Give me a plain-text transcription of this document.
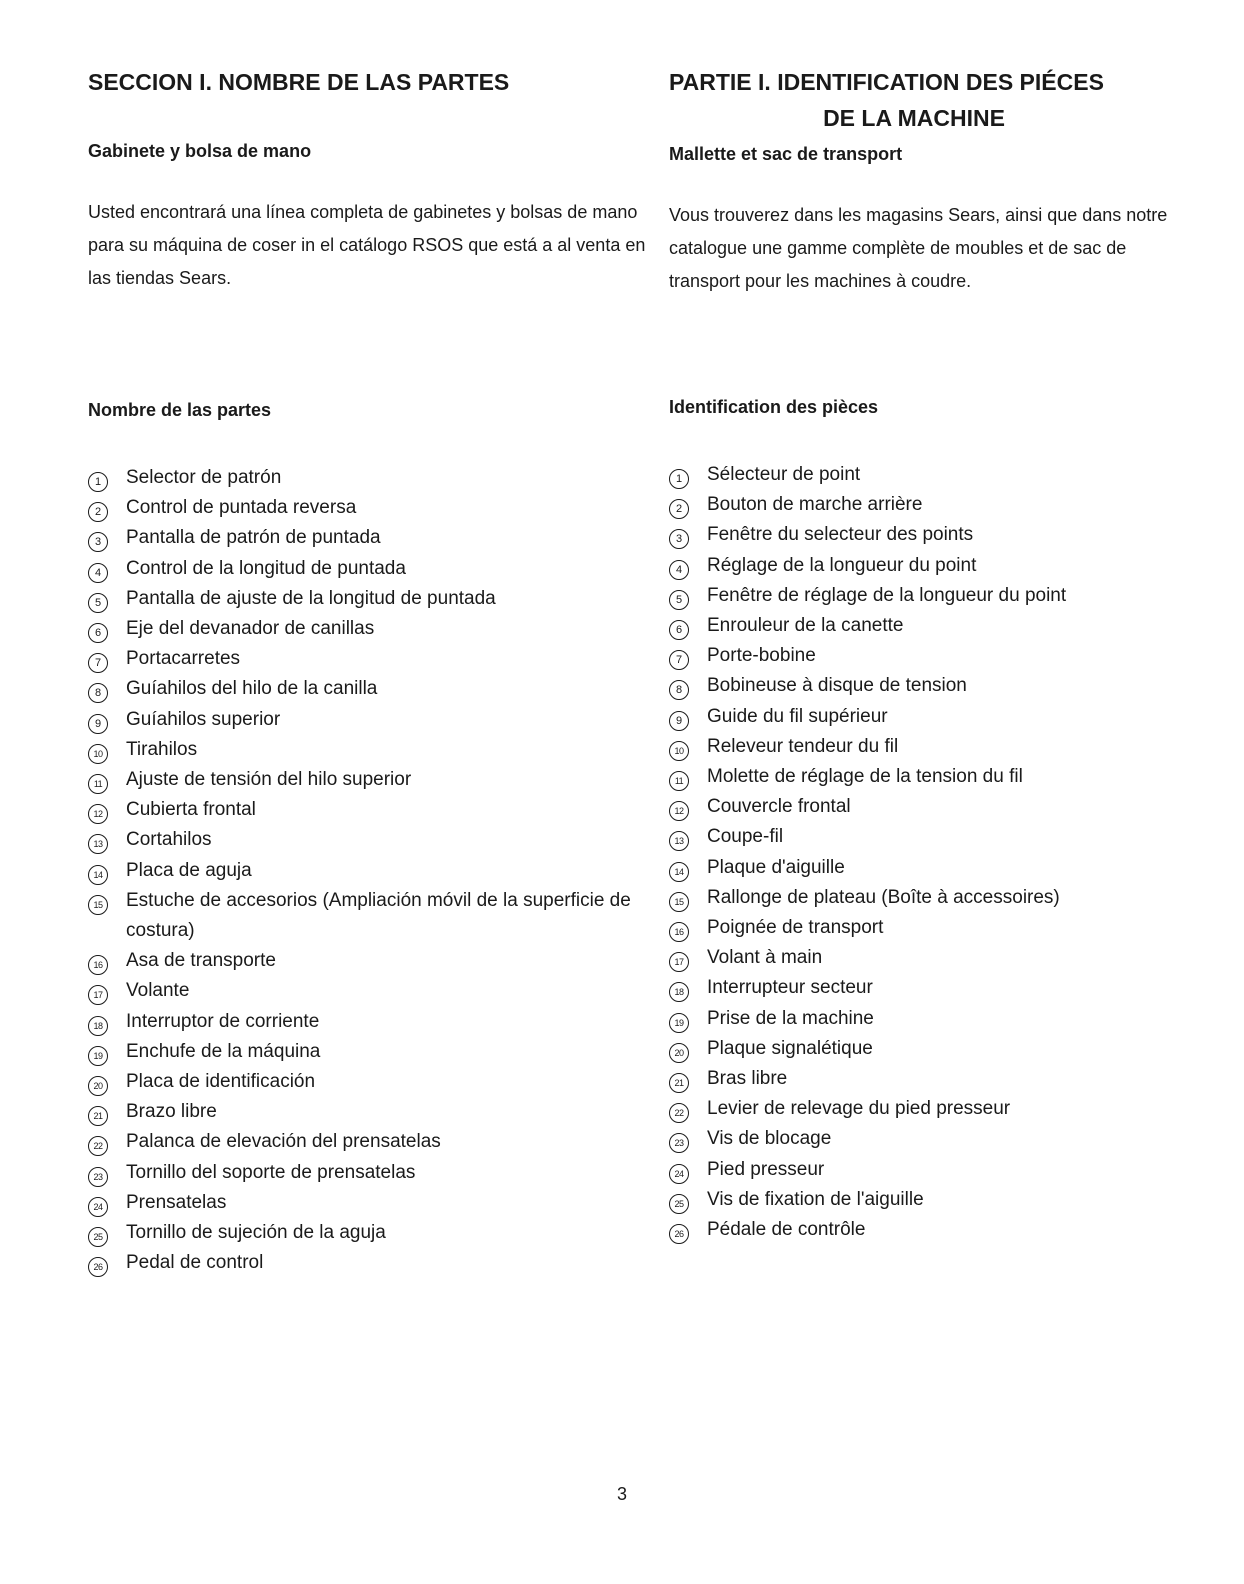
SECCION I. NOMBRE DE LAS PARTES
Gabinete y bolsa de mano

Usted encontrará una línea completa de gabinetes y bolsas de mano para su máquina de coser in el catálogo RSOS que está a al venta en las tiendas Sears.

Nombre de las partes
1	Selector de patrón
2	Control de puntada reversa
3	Pantalla de patrón de puntada
4	Control de la longitud de puntada
5	Pantalla de ajuste de la longitud de puntada
6	Eje del devanador de canillas
7	Portacarretes
8	Guíahilos del hilo de la canilla
9	Guíahilos superior
10 Tirahilos
11	Ajuste de tensión del hilo superior
12 Cubierta frontal
13 Cortahilos
14 Placa de aguja
15 Estuche de accesorios (Ampliación móvil de la superficie de costura)
16 Asa de transporte
17 Volante
18 Interruptor de corriente
19 Enchufe de la máquina
20 Placa de identificación
21 Brazo libre
22 Palanca de elevación del prensatelas
23 Tornillo del soporte de prensatelas
24 Prensatelas
25 Tornillo de sujeción de la aguja
26 Pedal de control
PARTIE I. IDENTIFICATION DES PIÉCES
DE LA MACHINE
Mallette et sac de transport

Vous trouverez dans les magasins Sears, ainsi que dans notre catalogue une gamme complète de moubles et de sac de transport pour les machines à coudre.

Identification des pièces
1	Sélecteur de point
2	Bouton de marche arrière
3	Fenêtre du selecteur des points
4	Réglage de la longueur du point
5	Fenêtre de réglage de la longueur du point
6	Enrouleur de la canette
7	Porte-bobine
8	Bobineuse à disque de tension
9	Guide du fil supérieur
10 Releveur tendeur du fil
11	Molette de réglage de la tension du fil
12 Couvercle frontal
13 Coupe-fil
14 Plaque d'aiguille
15 Rallonge de plateau (Boîte à accessoires)
16 Poignée de transport
17 Volant à main
18 Interrupteur secteur
19 Prise de la machine
20 Plaque signalétique
21 Bras libre
22 Levier de relevage du pied presseur
23 Vis de blocage
24 Pied presseur
25 Vis de fixation de l'aiguille
26 Pédale de contrôle
3
